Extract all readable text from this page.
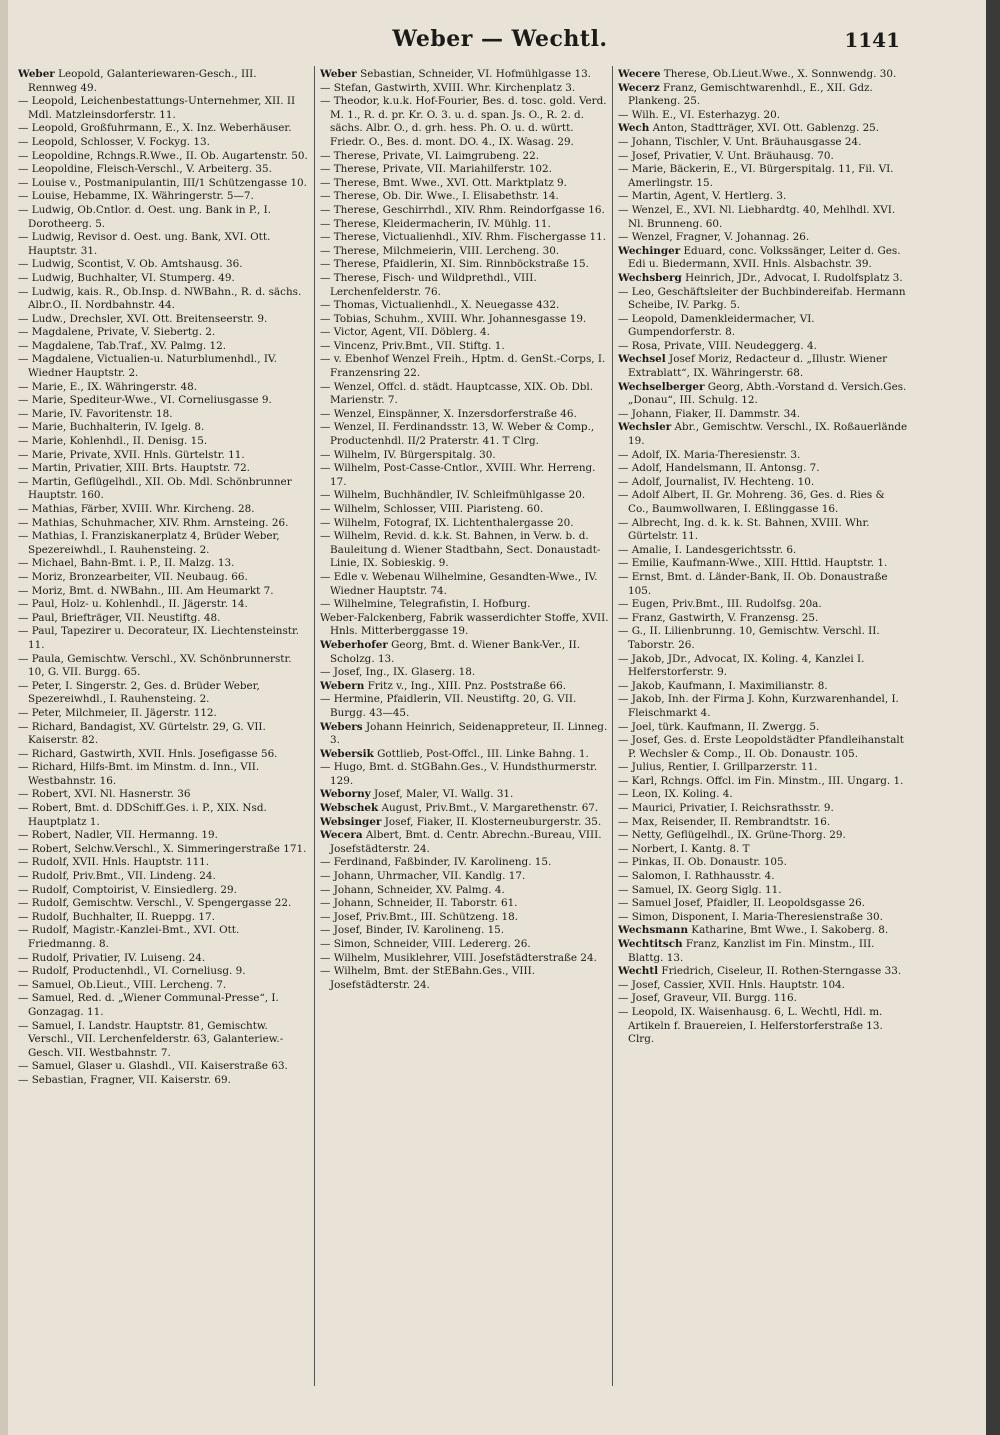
Weber — Wechtl.	1141
Weber Leopold, Galanteriewaren-Gesch., III. Rennweg 49.
— Leopold, Leichenbestattungs-Unternehmer, XII. II Mdl. Matzleinsdorferstr. 11.
— Leopold, Großfuhrmann, E., X. Inz. Weberhäuser.
— Leopold, Schlosser, V. Fockyg. 13.
— Leopoldine, Rchngs.R.Wwe., II. Ob. Augartenstr. 50.
— Leopoldine, Fleisch-Verschl., V. Arbeiterg. 35.
— Louise v., Postmanipulantin, III/1 Schützengasse 10.
— Louise, Hebamme, IX. Währingerstr. 5—7.
— Ludwig, Ob.Cntlor. d. Oest. ung. Bank in P., I. Dorotheerg. 5.
— Ludwig, Revisor d. Oest. ung. Bank, XVI. Ott. Hauptstr. 31.
— Ludwig, Scontist, V. Ob. Amtshausg. 36.
— Ludwig, Buchhalter, VI. Stumperg. 49.
— Ludwig, kais. R., Ob.Insp. d. NWBahn., R. d. sächs. Albr.O., II. Nordbahnstr. 44.
— Ludw., Drechsler, XVI. Ott. Breitenseerstr. 9.
— Magdalene, Private, V. Siebertg. 2.
— Magdalene, Tab.Traf., XV. Palmg. 12.
— Magdalene, Victualien-u. Naturblumenhdl., IV. Wiedner Hauptstr. 2.
— Marie, E., IX. Währingerstr. 48.
— Marie, Spediteur-Wwe., VI. Corneliusgasse 9.
— Marie, IV. Favoritenstr. 18.
— Marie, Buchhalterin, IV. Igelg. 8.
— Marie, Kohlenhdl., II. Denisg. 15.
— Marie, Private, XVII. Hnls. Gürtelstr. 11.
— Martin, Privatier, XIII. Brts. Hauptstr. 72.
— Martin, Geflügelhdl., XII. Ob. Mdl. Schönbrunner Hauptstr. 160.
— Mathias, Färber, XVIII. Whr. Kircheng. 28.
— Mathias, Schuhmacher, XIV. Rhm. Arnsteing. 26.
— Mathias, I. Franziskanerplatz 4, Brüder Weber, Spezereiwhdl., I. Rauhensteing. 2.
— Michael, Bahn-Bmt. i. P., II. Malzg. 13.
— Moriz, Bronzearbeiter, VII. Neubaug. 66.
— Moriz, Bmt. d. NWBahn., III. Am Heumarkt 7.
— Paul, Holz- u. Kohlenhdl., II. Jägerstr. 14.
— Paul, Briefträger, VII. Neustiftg. 48.
— Paul, Tapezirer u. Decorateur, IX. Liechtensteinstr. 11.
— Paula, Gemischtw. Verschl., XV. Schönbrunnerstr. 10, G. VII. Burgg. 65.
— Peter, I. Singerstr. 2, Ges. d. Brüder Weber, Spezereiwhdl., I. Rauhensteing. 2.
— Peter, Milchmeier, II. Jägerstr. 112.
— Richard, Bandagist, XV. Gürtelstr. 29, G. VII. Kaiserstr. 82.
— Richard, Gastwirth, XVII. Hnls. Josefigasse 56.
— Richard, Hilfs-Bmt. im Minstm. d. Inn., VII. Westbahnstr. 16.
— Robert, XVI. Nl. Hasnerstr. 36
— Robert, Bmt. d. DDSchiff.Ges. i. P., XIX. Nsd. Hauptplatz 1.
— Robert, Nadler, VII. Hermanng. 19.
— Robert, Selchw.Verschl., X. Simmeringerstraße 171.
— Rudolf, XVII. Hnls. Hauptstr. 111.
— Rudolf, Priv.Bmt., VII. Lindeng. 24.
— Rudolf, Comptoirist, V. Einsiedlerg. 29.
— Rudolf, Gemischtw. Verschl., V. Spengergasse 22.
— Rudolf, Buchhalter, II. Rueppg. 17.
— Rudolf, Magistr.-Kanzlei-Bmt., XVI. Ott. Friedmanng. 8.
— Rudolf, Privatier, IV. Luiseng. 24.
— Rudolf, Productenhdl., VI. Corneliusg. 9.
— Samuel, Ob.Lieut., VIII. Lercheng. 7.
— Samuel, Red. d. „Wiener Communal-Presse“, I. Gonzagag. 11.
— Samuel, I. Landstr. Hauptstr. 81, Gemischtw. Verschl., VII. Lerchenfelderstr. 63, Galanteriew.-Gesch. VII. Westbahnstr. 7.
— Samuel, Glaser u. Glashdl., VII. Kaiserstraße 63.
— Sebastian, Fragner, VII. Kaiserstr. 69.
Weber Sebastian, Schneider, VI. Hofmühlgasse 13.
— Stefan, Gastwirth, XVIII. Whr. Kirchenplatz 3.
— Theodor, k.u.k. Hof-Fourier, Bes. d. tosc. gold. Verd. M. 1., R. d. pr. Kr. O. 3. u. d. span. Js. O., R. 2. d. sächs. Albr. O., d. grh. hess. Ph. O. u. d. württ. Friedr. O., Bes. d. mont. DO. 4., IX. Wasag. 29.
— Therese, Private, VI. Laimgrubeng. 22.
— Therese, Private, VII. Mariahilferstr. 102.
— Therese, Bmt. Wwe., XVI. Ott. Marktplatz 9.
— Therese, Ob. Dir. Wwe., I. Elisabethstr. 14.
— Therese, Geschirrhdl., XIV. Rhm. Reindorfgasse 16.
— Therese, Kleidermacherin, IV. Mühlg. 11.
— Therese, Victualienhdl., XIV. Rhm. Fischergasse 11.
— Therese, Milchmeierin, VIII. Lercheng. 30.
— Therese, Pfaidlerin, XI. Sim. Rinnböckstraße 15.
— Therese, Fisch- und Wildprethdl., VIII. Lerchenfelderstr. 76.
— Thomas, Victualienhdl., X. Neuegasse 432.
— Tobias, Schuhm., XVIII. Whr. Johannesgasse 19.
— Victor, Agent, VII. Döblerg. 4.
— Vincenz, Priv.Bmt., VII. Stiftg. 1.
— v. Ebenhof Wenzel Freih., Hptm. d. GenSt.-Corps, I. Franzensring 22.
— Wenzel, Offcl. d. städt. Hauptcasse, XIX. Ob. Dbl. Marienstr. 7.
— Wenzel, Einspänner, X. Inzersdorferstraße 46.
— Wenzel, II. Ferdinandsstr. 13, W. Weber & Comp., Productenhdl. II/2 Praterstr. 41. T Clrg.
— Wilhelm, IV. Bürgerspitalg. 30.
— Wilhelm, Post-Casse-Cntlor., XVIII. Whr. Herreng. 17.
— Wilhelm, Buchhändler, IV. Schleifmühlgasse 20.
— Wilhelm, Schlosser, VIII. Piaristeng. 60.
— Wilhelm, Fotograf, IX. Lichtenthalergasse 20.
— Wilhelm, Revid. d. k.k. St. Bahnen, in Verw. b. d. Bauleitung d. Wiener Stadtbahn, Sect. Donaustadt-Linie, IX. Sobieskig. 9.
— Edle v. Webenau Wilhelmine, Gesandten-Wwe., IV. Wiedner Hauptstr. 74.
— Wilhelmine, Telegrafistin, I. Hofburg.
Weber-Falckenberg, Fabrik wasserdichter Stoffe, XVII. Hnls. Mitterberggasse 19.
Weberhofer Georg, Bmt. d. Wiener Bank-Ver., II. Scholzg. 13.
— Josef, Ing., IX. Glaserg. 18.
Webern Fritz v., Ing., XIII. Pnz. Poststraße 66.
— Hermine, Pfaidlerin, VII. Neustiftg. 20, G. VII. Burgg. 43—45.
Webers Johann Heinrich, Seidenappreteur, II. Linneg. 3.
Webersik Gottlieb, Post-Offcl., III. Linke Bahng. 1.
— Hugo, Bmt. d. StGBahn.Ges., V. Hundsthurmerstr. 129.
Weborny Josef, Maler, VI. Wallg. 31.
Webschek August, Priv.Bmt., V. Margarethenstr. 67.
Websinger Josef, Fiaker, II. Klosterneuburgerstr. 35.
Wecera Albert, Bmt. d. Centr. Abrechn.-Bureau, VIII. Josefstädterstr. 24.
— Ferdinand, Faßbinder, IV. Karolineng. 15.
— Johann, Uhrmacher, VII. Kandlg. 17.
— Johann, Schneider, XV. Palmg. 4.
— Johann, Schneider, II. Taborstr. 61.
— Josef, Priv.Bmt., III. Schützeng. 18.
— Josef, Binder, IV. Karolineng. 15.
— Simon, Schneider, VIII. Ledererg. 26.
— Wilhelm, Musiklehrer, VIII. Josefstädterstraße 24.
— Wilhelm, Bmt. der StEBahn.Ges., VIII. Josefstädterstr. 24.
Wecere Therese, Ob.Lieut.Wwe., X. Sonnwendg. 30.
Wecerz Franz, Gemischtwarenhdl., E., XII. Gdz. Plankeng. 25.
— Wilh. E., VI. Esterhazyg. 20.
Wech Anton, Stadtträger, XVI. Ott. Gablenzg. 25.
— Johann, Tischler, V. Unt. Bräuhausgasse 24.
— Josef, Privatier, V. Unt. Bräuhausg. 70.
— Marie, Bäckerin, E., VI. Bürgerspitalg. 11, Fil. VI. Amerlingstr. 15.
— Martin, Agent, V. Hertlerg. 3.
— Wenzel, E., XVI. Nl. Liebhardtg. 40, Mehlhdl. XVI. Nl. Brunneng. 60.
— Wenzel, Fragner, V. Johannag. 26.
Wechinger Eduard, conc. Volkssänger, Leiter d. Ges. Edi u. Biedermann, XVII. Hnls. Alsbachstr. 39.
Wechsberg Heinrich, JDr., Advocat, I. Rudolfsplatz 3.
— Leo, Geschäftsleiter der Buchbindereifab. Hermann Scheibe, IV. Parkg. 5.
— Leopold, Damenkleidermacher, VI. Gumpendorferstr. 8.
— Rosa, Private, VIII. Neudeggerg. 4.
Wechsel Josef Moriz, Redacteur d. „Illustr. Wiener Extrablatt“, IX. Währingerstr. 68.
Wechselberger Georg, Abth.-Vorstand d. Versich.Ges. „Donau“, III. Schulg. 12.
— Johann, Fiaker, II. Dammstr. 34.
Wechsler Abr., Gemischtw. Verschl., IX. Roßauerlände 19.
— Adolf, IX. Maria-Theresienstr. 3.
— Adolf, Handelsmann, II. Antonsg. 7.
— Adolf, Journalist, IV. Hechteng. 10.
— Adolf Albert, II. Gr. Mohreng. 36, Ges. d. Ries & Co., Baumwollwaren, I. Eßlinggasse 16.
— Albrecht, Ing. d. k. k. St. Bahnen, XVIII. Whr. Gürtelstr. 11.
— Amalie, I. Landesgerichtsstr. 6.
— Emilie, Kaufmann-Wwe., XIII. Httld. Hauptstr. 1.
— Ernst, Bmt. d. Länder-Bank, II. Ob. Donaustraße 105.
— Eugen, Priv.Bmt., III. Rudolfsg. 20a.
— Franz, Gastwirth, V. Franzensg. 25.
— G., II. Lilienbrunng. 10, Gemischtw. Verschl. II. Taborstr. 26.
— Jakob, JDr., Advocat, IX. Koling. 4, Kanzlei I. Helferstorferstr. 9.
— Jakob, Kaufmann, I. Maximilianstr. 8.
— Jakob, Inh. der Firma J. Kohn, Kurzwarenhandel, I. Fleischmarkt 4.
— Joel, türk. Kaufmann, II. Zwergg. 5.
— Josef, Ges. d. Erste Leopoldstädter Pfandleihanstalt P. Wechsler & Comp., II. Ob. Donaustr. 105.
— Julius, Rentier, I. Grillparzerstr. 11.
— Karl, Rchngs. Offcl. im Fin. Minstm., III. Ungarg. 1.
— Leon, IX. Koling. 4.
— Maurici, Privatier, I. Reichsrathsstr. 9.
— Max, Reisender, II. Rembrandtstr. 16.
— Netty, Geflügelhdl., IX. Grüne-Thorg. 29.
— Norbert, I. Kantg. 8. T
— Pinkas, II. Ob. Donaustr. 105.
— Salomon, I. Rathhausstr. 4.
— Samuel, IX. Georg Siglg. 11.
— Samuel Josef, Pfaidler, II. Leopoldsgasse 26.
— Simon, Disponent, I. Maria-Theresienstraße 30.
Wechsmann Katharine, Bmt Wwe., I. Sakoberg. 8.
Wechtitsch Franz, Kanzlist im Fin. Minstm., III. Blattg. 13.
Wechtl Friedrich, Ciseleur, II. Rothen-Sterngasse 33.
— Josef, Cassier, XVII. Hnls. Hauptstr. 104.
— Josef, Graveur, VII. Burgg. 116.
— Leopold, IX. Waisenhausg. 6, L. Wechtl, Hdl. m. Artikeln f. Brauereien, I. Helferstorferstraße 13. Clrg.
